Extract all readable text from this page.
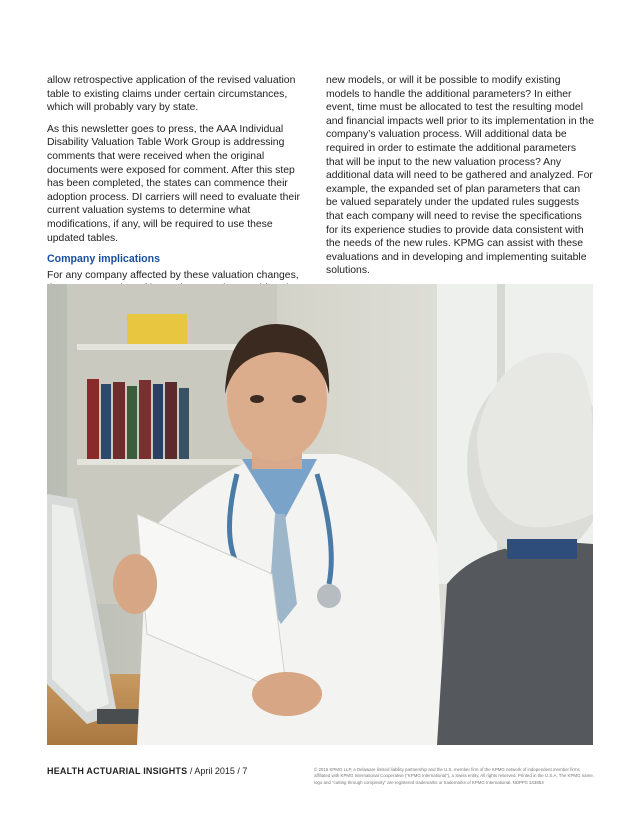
allow retrospective application of the revised valuation table to existing claims under certain circumstances, which will probably vary by state.

As this newsletter goes to press, the AAA Individual Disability Valuation Table Work Group is addressing comments that were received when the original documents were exposed for comment. After this step has been completed, the states can commence their adoption process. DI carriers will need to evaluate their current valuation systems to determine what modifications, if any, will be required to use these updated tables.

Company implications

For any company affected by these valuation changes,

new models, or will it be possible to modify existing models to handle the additional parameters? In either event, time must be allocated to test the resulting model and financial impacts well prior to its implementation in the company’s valuation process. Will additional data be required in order to estimate the additional parameters that will be input to the new valuation process? Any additional data will need to be gathered and analyzed. For example, the expanded set of plan parameters that can be valued separately under the updated rules suggests that each company will need to revise the specifications for its experience studies to provide data consistent with the needs of the new rules. KPMG can assist with these evaluations and in developing and implementing suitable solutions.

HEALTH ACTUARIAL INSIGHTS / April 2015 / 7	© 2015 KPMG LLP, a Delaware limited liability partnership and the U.S. member firm of the KPMG network of independent member firms affiliated with KPMG International Cooperative (“KPMG International”), a Swiss entity. All rights reserved. Printed in the U.S.A. The KPMG name, logo and “cutting through complexity” are registered trademarks or trademarks of KPMG International. NDPPS 343853
